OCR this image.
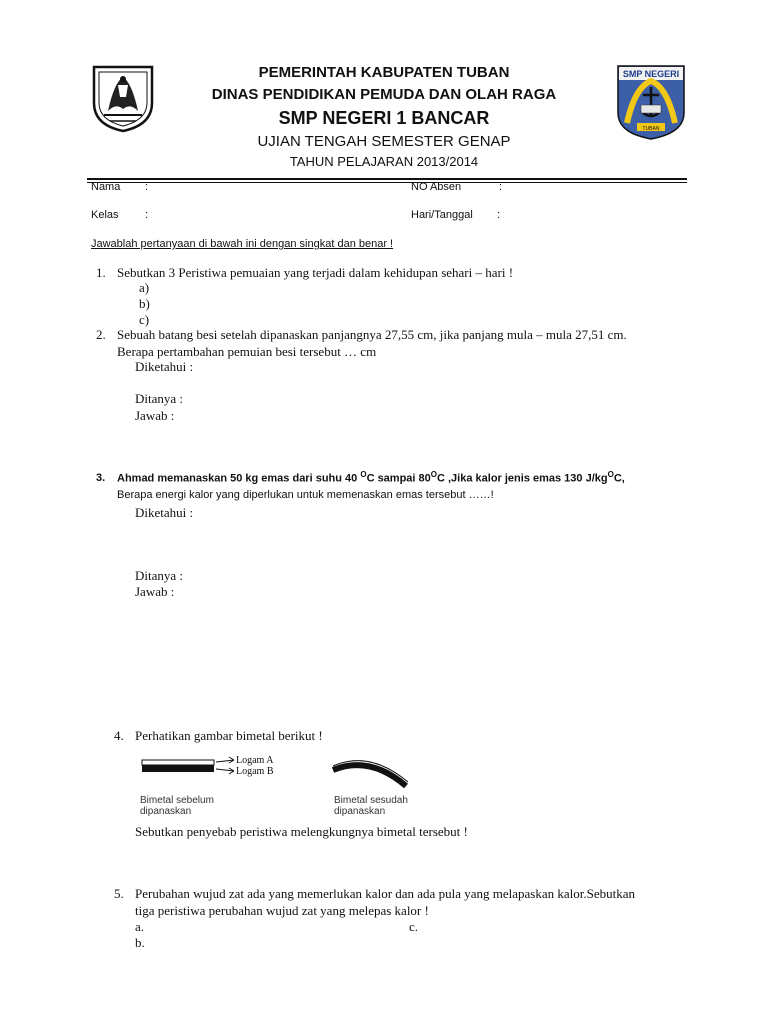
PEMERINTAH KABUPATEN TUBAN
DINAS PENDIDIKAN PEMUDA DAN OLAH RAGA
SMP NEGERI 1 BANCAR
UJIAN TENGAH SEMESTER GENAP
TAHUN PELAJARAN 2013/2014
SMP NEGERI
TUBAN
Nama :	NO Absen	:
Kelas :	Hari/Tanggal :
Jawablah pertanyaan di bawah ini dengan singkat dan benar !
1. Sebutkan 3 Peristiwa pemuaian yang terjadi dalam kehidupan sehari – hari !
a)
b)
c)
2. Sebuah batang besi setelah dipanaskan panjangnya 27,55 cm, jika panjang mula – mula 27,51 cm.
Berapa pertambahan pemuian besi tersebut … cm
Diketahui :
Ditanya :
Jawab :
3. Ahmad memanaskan 50 kg emas dari suhu 40 $^O$C sampai $80^OC$ ,Jika kalor jenis emas 130 $J/kg^OC$,
Berapa energi kalor yang diperlukan untuk memenaskan emas tersebut ……!
Diketahui :
Ditanya :
Jawab :
4. Perhatikan gambar bimetal berikut !
Logam A
Logam B
Bimetal sebelum
dipanaskan
Bimetal sesudah
dipanaskan
Sebutkan penyebab peristiwa melengkungnya bimetal tersebut !
5. Perubahan wujud zat ada yang memerlukan kalor dan ada pula yang melapaskan kalor.Sebutkan
tiga peristiwa perubahan wujud zat yang melepas kalor !
a.	c.
b.
